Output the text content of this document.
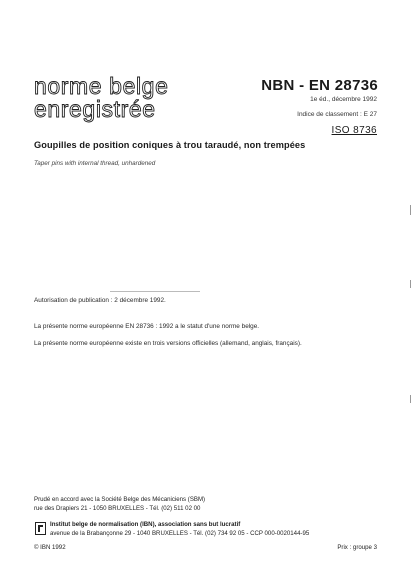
norme belge
enregistrée
NBN - EN 28736
1e éd., décembre 1992
Indice de classement : E 27
ISO 8736
Goupilles de position coniques à trou taraudé, non trempées
Taper pins with internal thread, unhardened
Autorisation de publication : 2 décembre 1992.
La présente norme européenne EN 28736 : 1992 a le statut d'une norme belge.
La présente norme européenne existe en trois versions officielles (allemand, anglais, français).
Prudé en accord avec la Société Belge des Mécaniciens (SBM)
rue des Drapiers 21 - 1050 BRUXELLES - Tél. (02) 511 02 00
Institut belge de normalisation (IBN), association sans but lucratif
avenue de la Brabançonne 29 - 1040 BRUXELLES - Tél. (02) 734 92 05 - CCP 000-0020144-95
© IBN 1992	Prix : groupe 3
